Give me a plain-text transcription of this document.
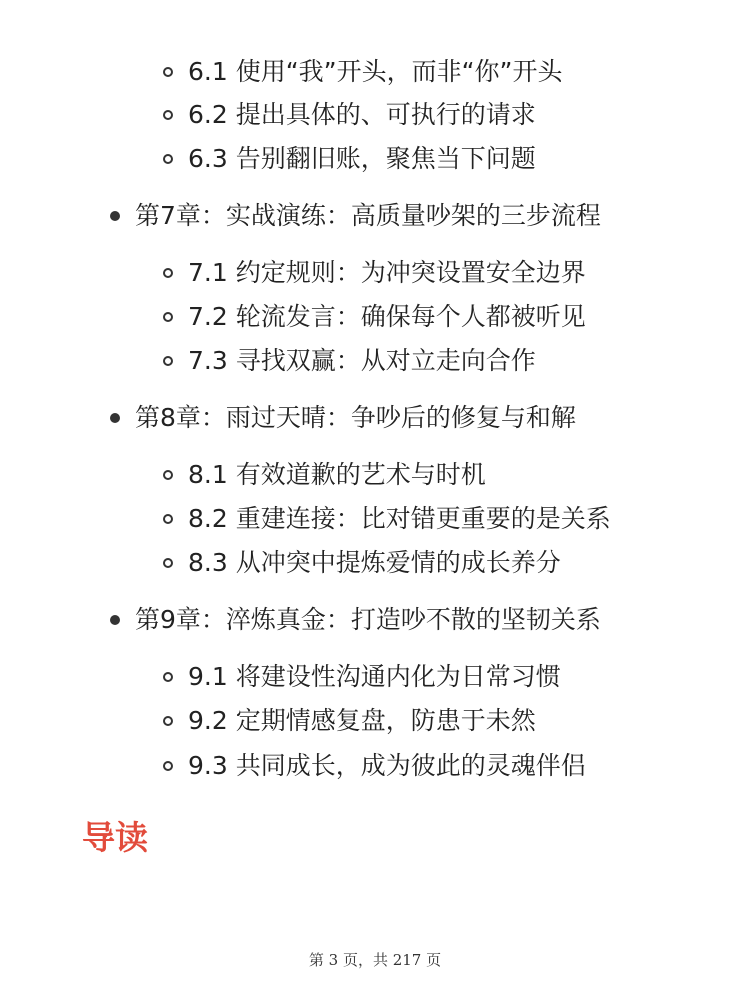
6.1 使用“我”开头，而非“你”开头
6.2 提出具体的、可执行的请求
6.3 告别翻旧账，聚焦当下问题
第7章：实战演练：高质量吵架的三步流程
7.1 约定规则：为冲突设置安全边界
7.2 轮流发言：确保每个人都被听见
7.3 寻找双赢：从对立走向合作
第8章：雨过天晴：争吵后的修复与和解
8.1 有效道歉的艺术与时机
8.2 重建连接：比对错更重要的是关系
8.3 从冲突中提炼爱情的成长养分
第9章：淬炼真金：打造吵不散的坚韧关系
9.1 将建设性沟通内化为日常习惯
9.2 定期情感复盘，防患于未然
9.3 共同成长，成为彼此的灵魂伴侣
导读
第 3 页，共 217 页
